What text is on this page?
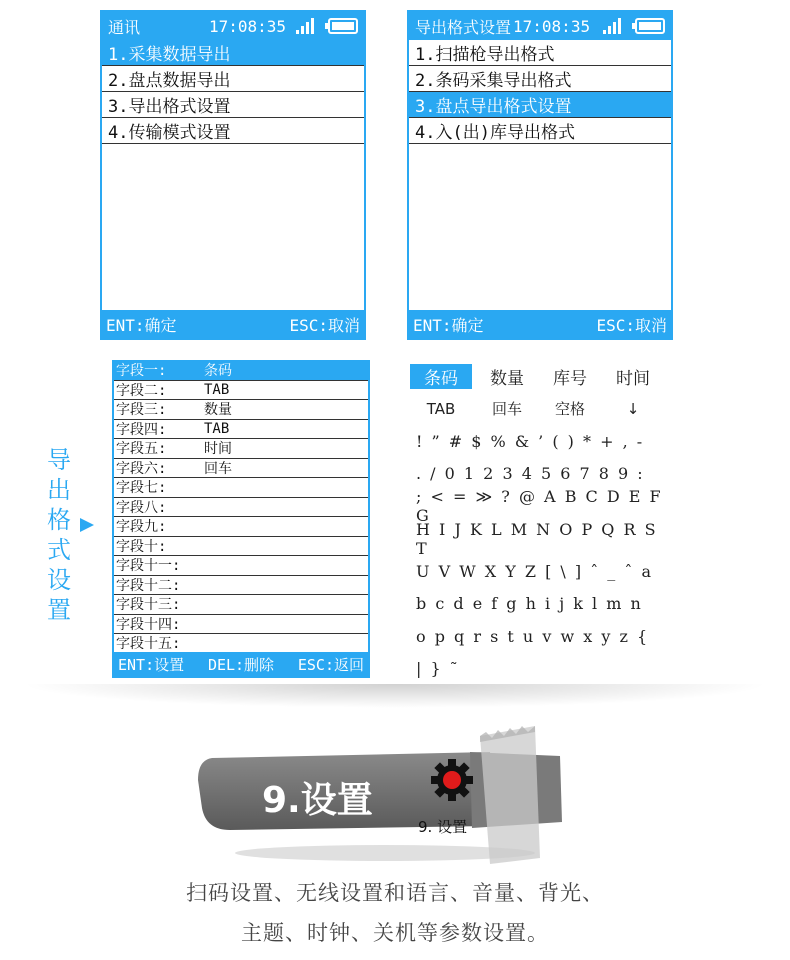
通讯	17:08:35
1.采集数据导出
2.盘点数据导出
3.导出格式设置
4.传输模式设置
ENT:确定	ESC:取消
导出格式设置 17:08:35
1.扫描枪导出格式
2.条码采集导出格式
3.盘点导出格式设置
4.入(出)库导出格式
ENT:确定	ESC:取消
导
出
格
式
设
置
字段一:	条码
字段二:	TAB
字段三:	数量
字段四:	TAB
字段五:	时间
字段六:	回车
字段七:
字段八:
字段九:
字段十:
字段十一:
字段十二:
字段十三:
字段十四:
字段十五:
ENT:设置 DEL:删除 ESC:返回
条码	数量	库号	时间
TAB	回车	空格	↓
! ” # $ % & ’ ( ) * + , -
. / 0 1 2 3 4 5 6 7 8 9 :
; < = ≫ ? @ A B C D E F G
H I J K L M N O P Q R S T
U V W X Y Z [ \ ] ˆ _ ˆ a
b c d e f g h i j k l m n
o p q r s t u v w x y z {
| } ˜
9.设置
9. 设置
扫码设置、无线设置和语言、音量、背光、
主题、时钟、关机等参数设置。
